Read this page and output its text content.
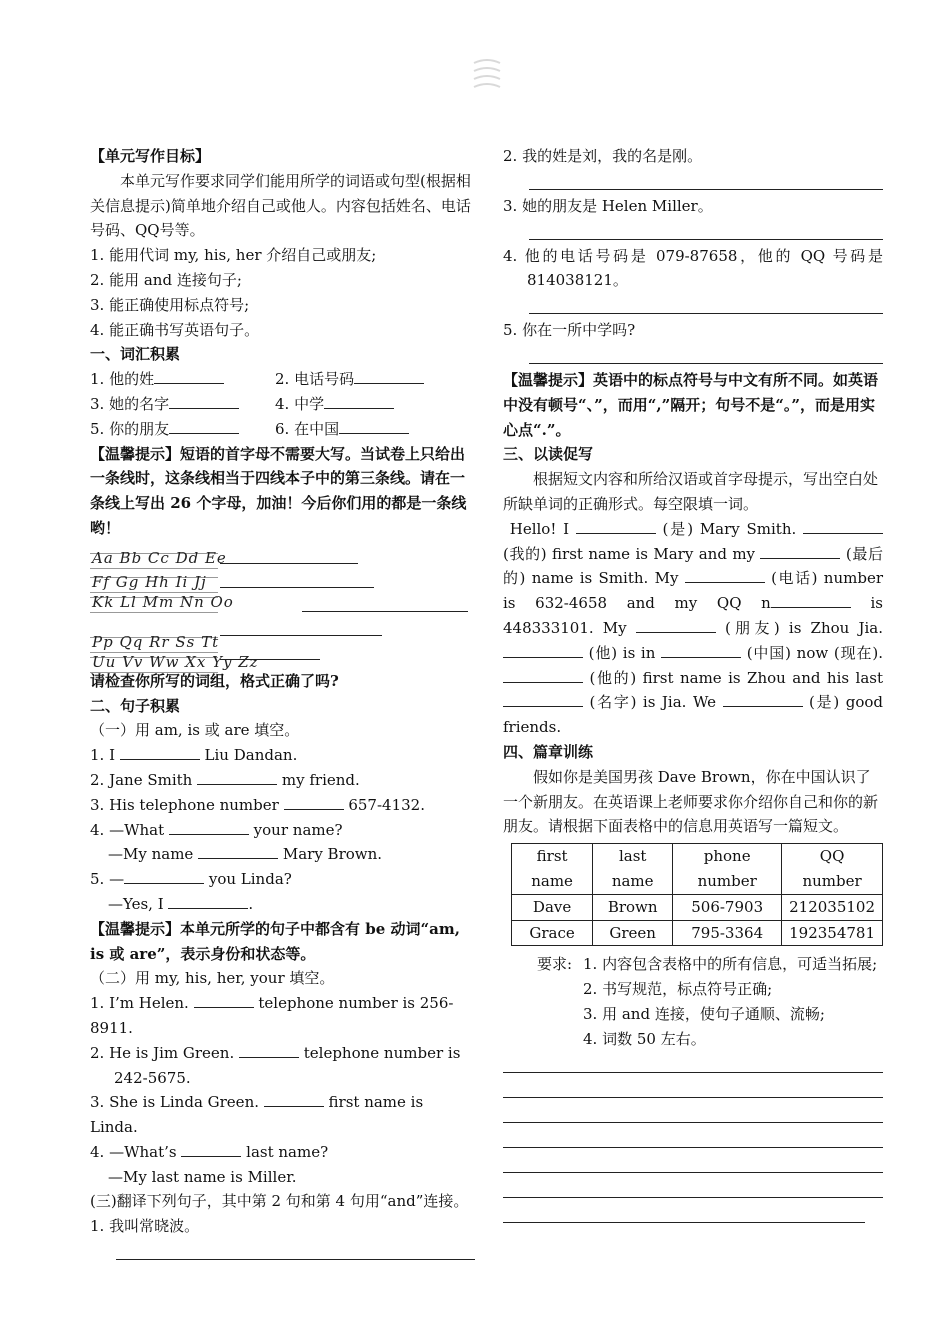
【单元写作目标】

本单元写作要求同学们能用所学的词语或句型(根据相关信息提示)简单地介绍自己或他人。内容包括姓名、电话号码、QQ号等。

1. 能用代词 my, his, her 介绍自己或朋友;

2. 能用 and 连接句子;

3. 能正确使用标点符号;

4. 能正确书写英语句子。

一、词汇积累

1. 他的姓	2. 电话号码
3. 她的名字	4. 中学
5. 你的朋友	6. 在中国

【温馨提示】短语的首字母不需要大写。当试卷上只给出一条线时，这条线相当于四线本子中的第三条线。请在一条线上写出 26 个字母，加油！今后你们用的都是一条线哟！

Aa Bb Cc Dd Ee
Ff Gg Hh Ii Jj
Kk Ll Mm Nn Oo
Pp Qq Rr Ss Tt
Uu Vv Ww Xx Yy Zz

请检查你所写的词组，格式正确了吗?

二、句子积累

（一）用 am, is 或 are 填空。

1. I	Liu Dandan.

2. Jane Smith	my friend.

3. His telephone number	657-4132.

4. —What	your name?

—My name	Mary Brown.

5. —	you Linda?

—Yes, I	.

【温馨提示】本单元所学的句子中都含有 be 动词“am, is 或 are”，表示身份和状态等。

（二）用 my, his, her, your 填空。

1. I’m Helen.	telephone number is 256-8911.

2. He is Jim Green.	telephone number is 242-5675.

3. She is Linda Green.	first name is Linda.

4. —What’s	last name?

—My last name is Miller.

(三)翻译下列句子，其中第 2 句和第 4 句用“and”连接。

1. 我叫常晓波。

2. 我的姓是刘，我的名是刚。

3. 她的朋友是 Helen Miller。

4. 他的电话号码是 079-87658，他的 QQ 号码是 814038121。

5. 你在一所中学吗?

【温馨提示】英语中的标点符号与中文有所不同。如英语中没有顿号“、”，而用“,”隔开；句号不是“。”，而是用实心点“.”。

三、以读促写

根据短文内容和所给汉语或首字母提示，写出空白处所缺单词的正确形式。每空限填一词。

Hello! I	(是) Mary Smith.  (我的) first name is Mary and my	(最后的) name is Smith. My	(电话) number is 632-4658 and my QQ n	is 448333101. My	(朋友) is Zhou Jia.  (他) is in	(中国) now (现在).  (他的) first name is Zhou and his last  (名字) is Jia. We	(是) good friends.

四、篇章训练

假如你是美国男孩 Dave Brown，你在中国认识了一个新朋友。在英语课上老师要求你介绍你自己和你的新朋友。请根据下面表格中的信息用英语写一篇短文。

first name	last name	phone number	QQ number
Dave	Brown	506-7903	212035102
Grace	Green	795-3364	192354781
要求: 1. 内容包含表格中的所有信息，可适当拓展;

2. 书写规范，标点符号正确;

3. 用 and 连接，使句子通顺、流畅;

4. 词数 50 左右。
